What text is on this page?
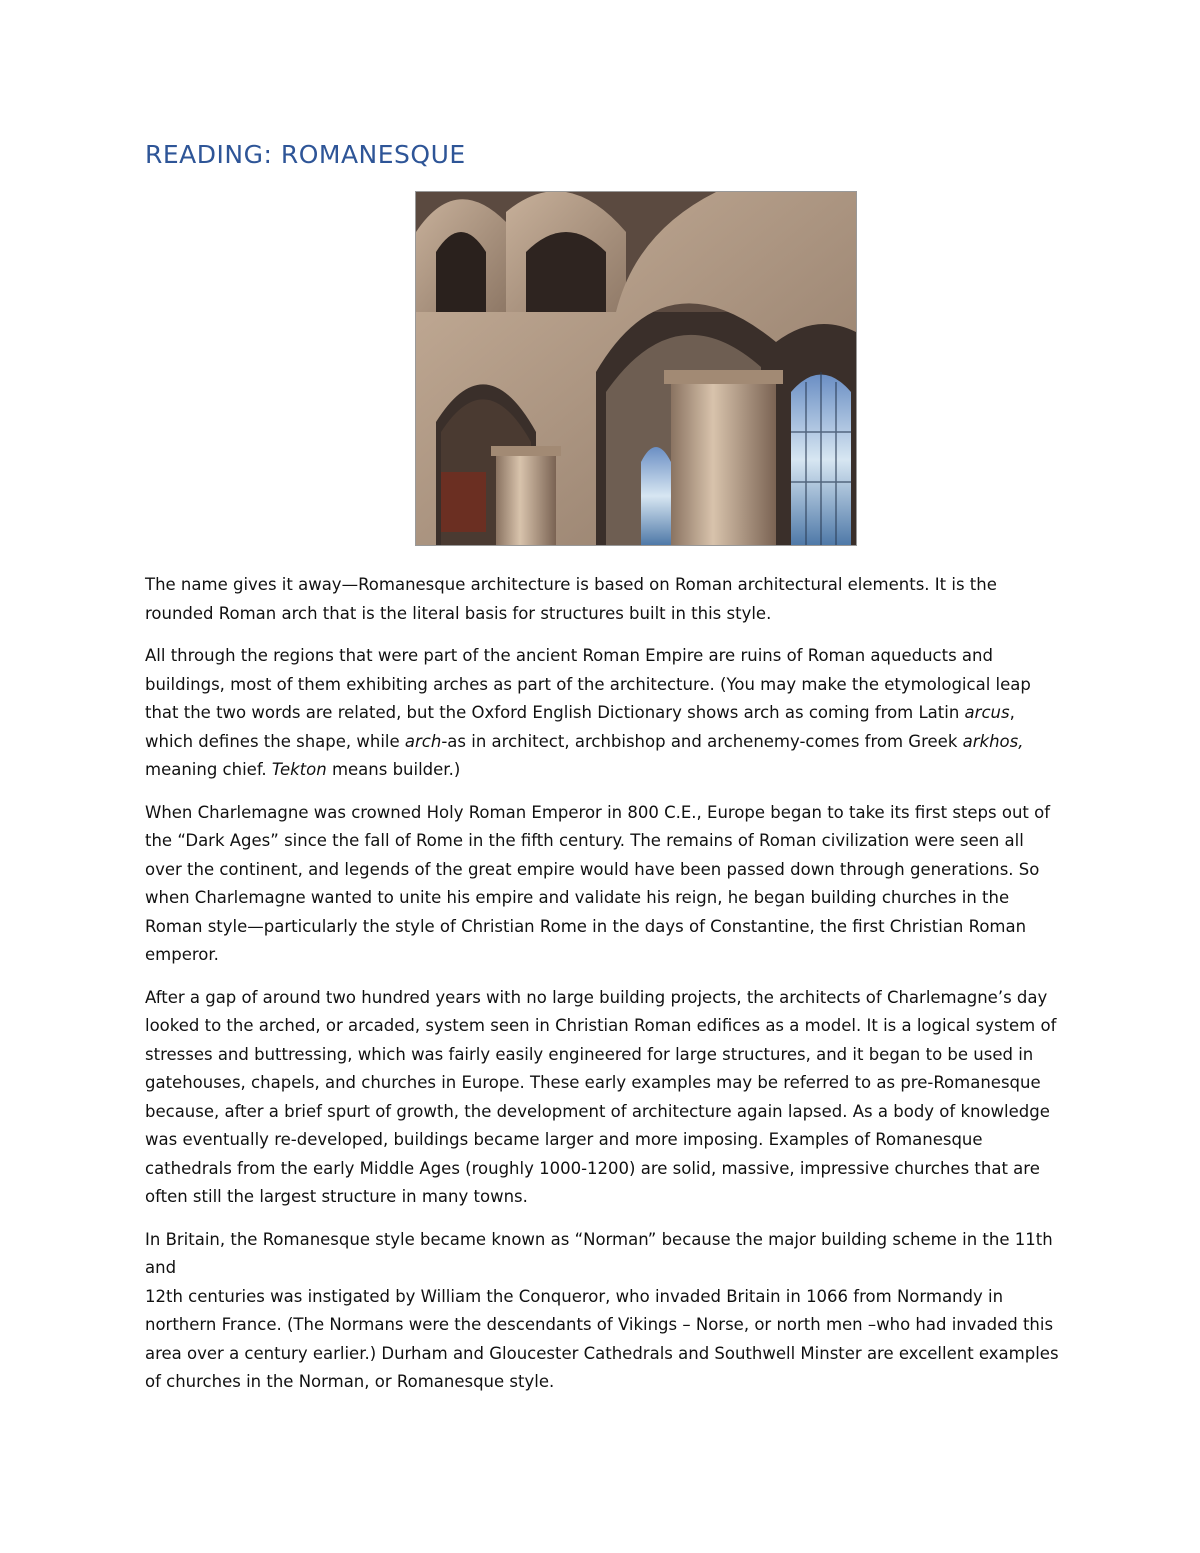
READING: ROMANESQUE

The name gives it away—Romanesque architecture is based on Roman architectural elements. It is the rounded Roman arch that is the literal basis for structures built in this style.

All through the regions that were part of the ancient Roman Empire are ruins of Roman aqueducts and buildings, most of them exhibiting arches as part of the architecture. (You may make the etymological leap that the two words are related, but the Oxford English Dictionary shows arch as coming from Latin arcus, which defines the shape, while arch-as in architect, archbishop and archenemy-comes from Greek arkhos, meaning chief. Tekton means builder.)

When Charlemagne was crowned Holy Roman Emperor in 800 C.E., Europe began to take its first steps out of the “Dark Ages” since the fall of Rome in the fifth century. The remains of Roman civilization were seen all over the continent, and legends of the great empire would have been passed down through generations. So when Charlemagne wanted to unite his empire and validate his reign, he began building churches in the Roman style—particularly the style of Christian Rome in the days of Constantine, the first Christian Roman emperor.

After a gap of around two hundred years with no large building projects, the architects of Charlemagne’s day looked to the arched, or arcaded, system seen in Christian Roman edifices as a model. It is a logical system of stresses and buttressing, which was fairly easily engineered for large structures, and it began to be used in gatehouses, chapels, and churches in Europe. These early examples may be referred to as pre-Romanesque because, after a brief spurt of growth, the development of architecture again lapsed. As a body of knowledge was eventually re-developed, buildings became larger and more imposing. Examples of Romanesque cathedrals from the early Middle Ages (roughly 1000-1200) are solid, massive, impressive churches that are often still the largest structure in many towns.

In Britain, the Romanesque style became known as “Norman” because the major building scheme in the 11th and
12th centuries was instigated by William the Conqueror, who invaded Britain in 1066 from Normandy in northern France. (The Normans were the descendants of Vikings – Norse, or north men –who had invaded this area over a century earlier.) Durham and Gloucester Cathedrals and Southwell Minster are excellent examples of churches in the Norman, or Romanesque style.
